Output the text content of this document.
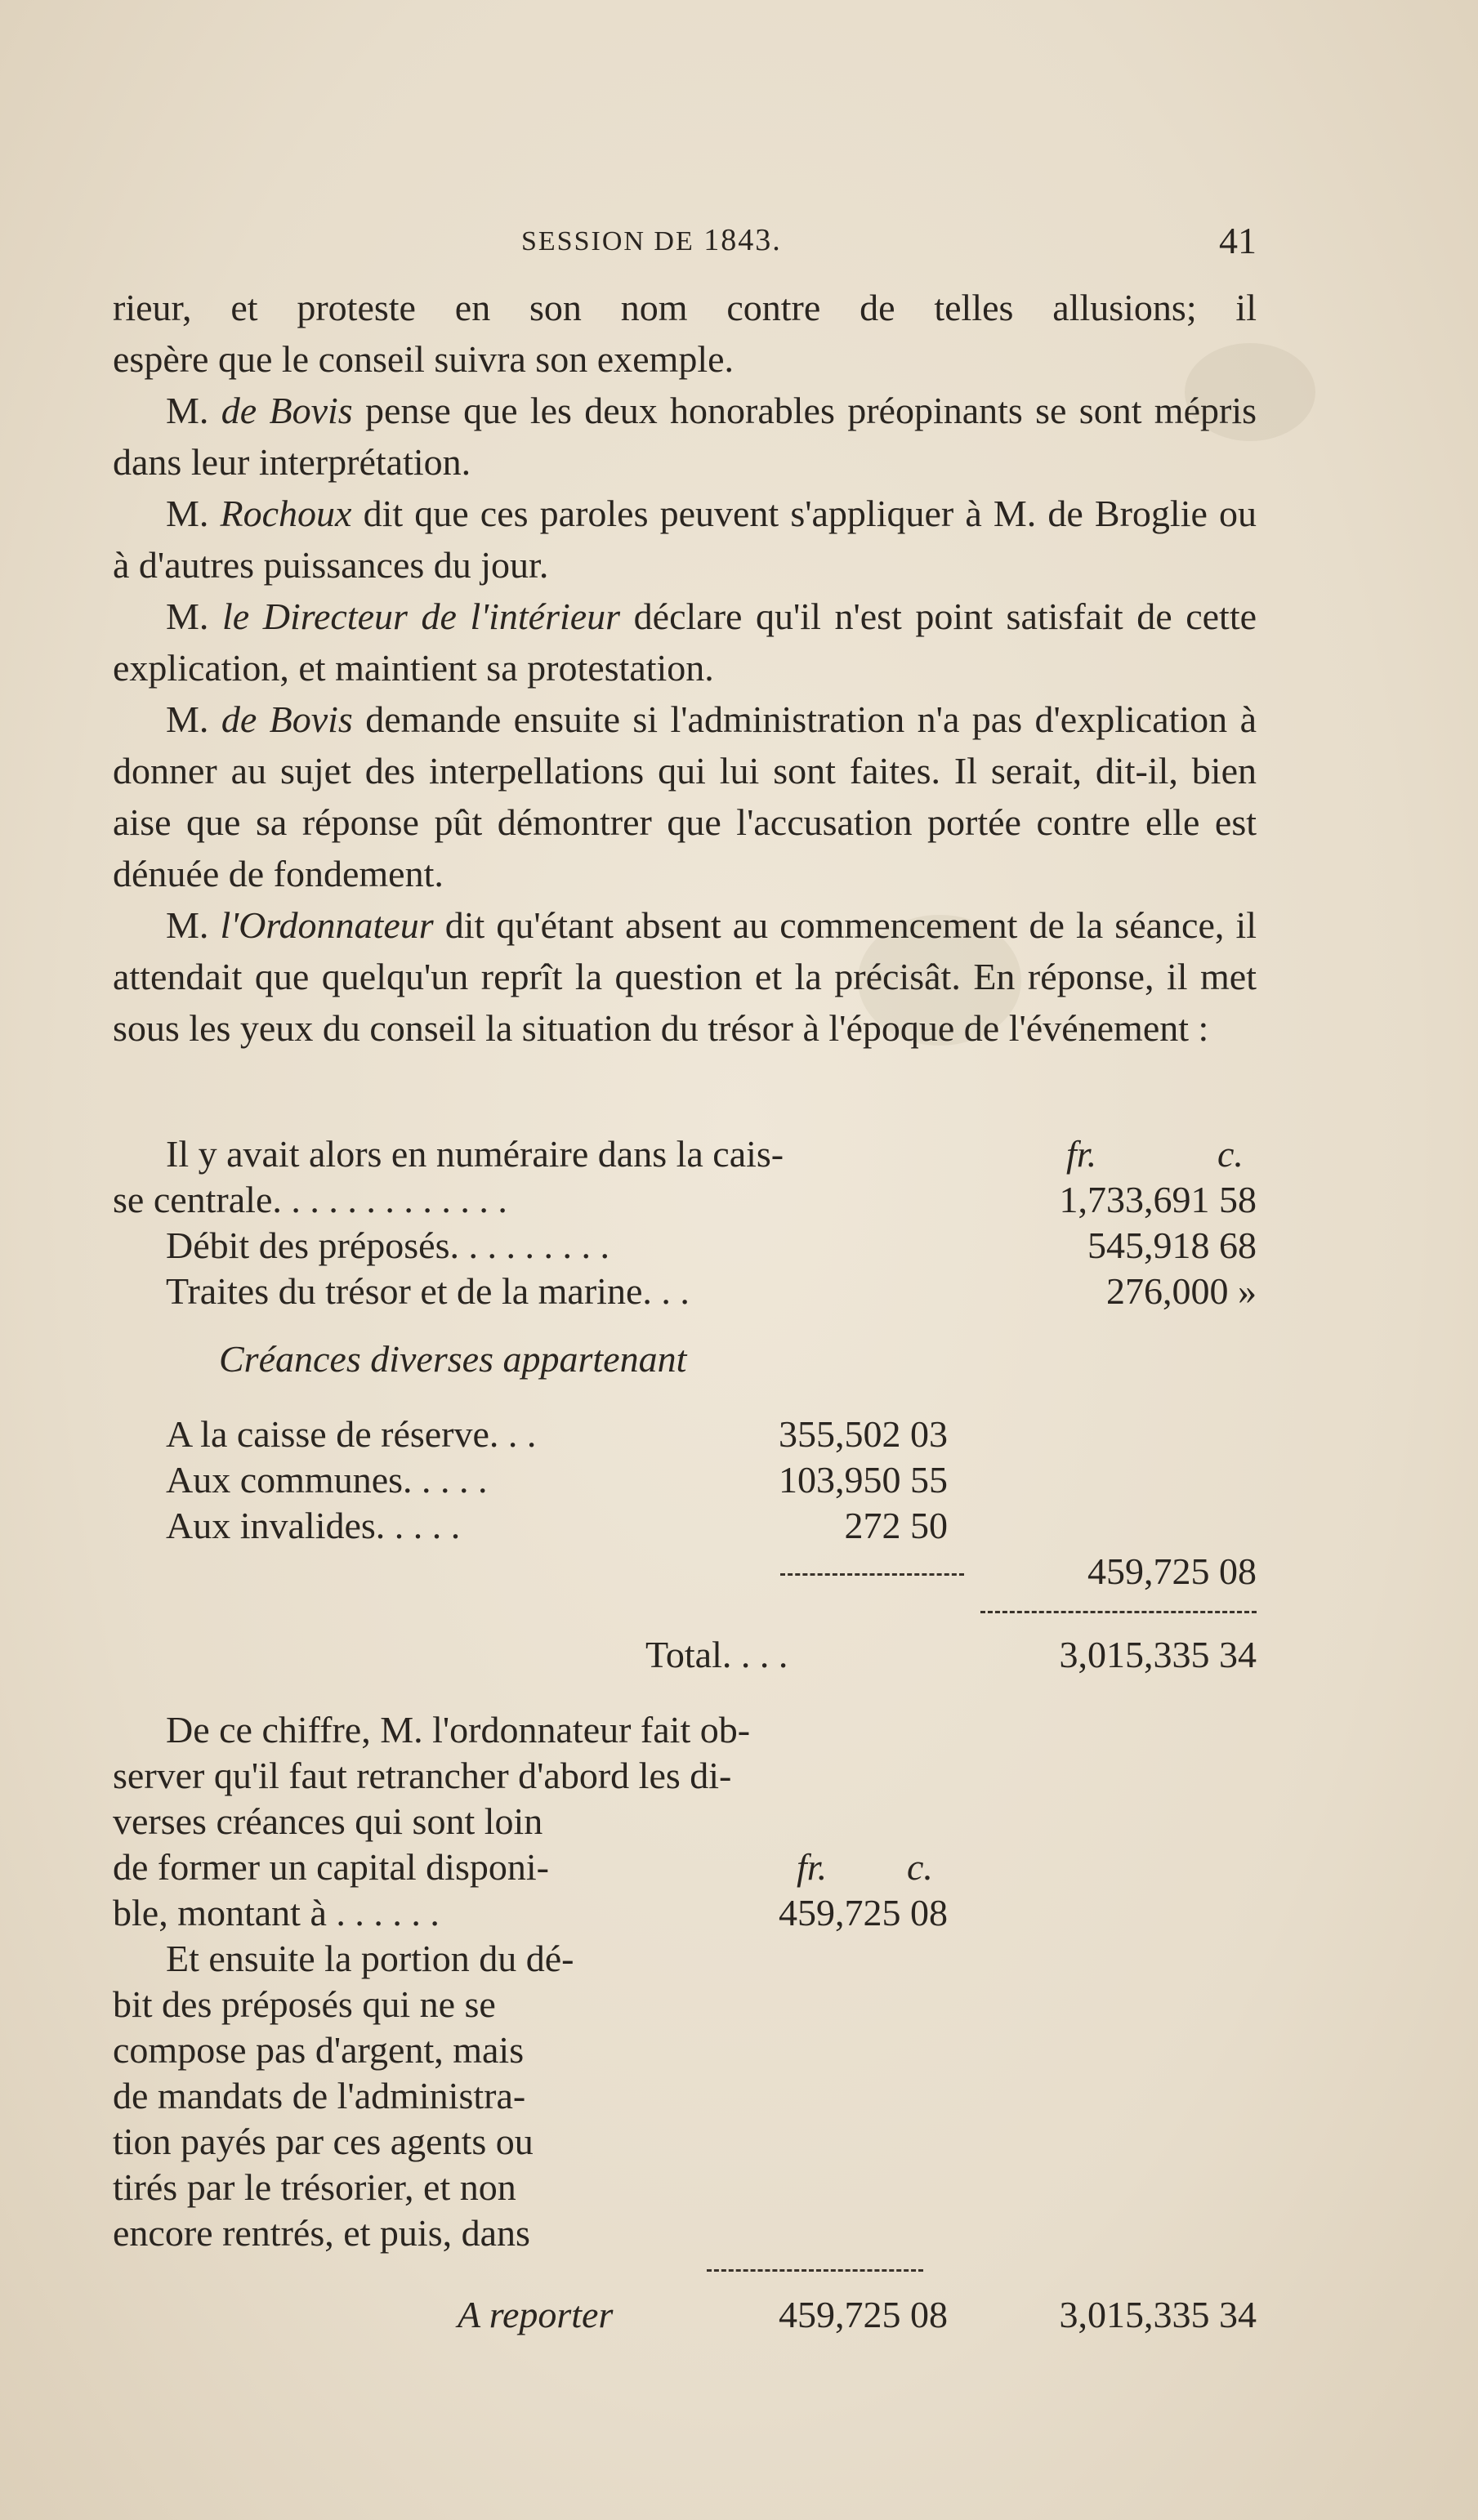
SESSION DE 1843.	41

rieur, et proteste en son nom contre de telles allusions; il

espère que le conseil suivra son exemple.

M. de Bovis pense que les deux honorables préopinants se sont mépris dans leur interprétation.

M. Rochoux dit que ces paroles peuvent s'appliquer à M. de Broglie ou à d'autres puissances du jour.

M. le Directeur de l'intérieur déclare qu'il n'est point satisfait de cette explication, et maintient sa protestation.

M. de Bovis demande ensuite si l'administration n'a pas d'explication à donner au sujet des interpellations qui lui sont faites. Il serait, dit-il, bien aise que sa réponse pût démontrer que l'accusation portée contre elle est dénuée de fondement.

M. l'Ordonnateur dit qu'étant absent au commencement de la séance, il attendait que quelqu'un reprît la question et la précisât. En réponse, il met sous les yeux du conseil la situation du trésor à l'époque de l'événement :

fr.	c.
Il y avait alors en numéraire dans la cais-
se centrale. . . . . . . . . . . . .	1,733,691 58
Débit des préposés. . . . . . . . .	545,918 68
Traites du trésor et de la marine. . .	276,000 »
Créances diverses appartenant
A la caisse de réserve. . .	355,502 03
Aux communes. . . . .	103,950 55
Aux invalides. . . . .	272 50
459,725 08
Total. . . .	3,015,335 34
De ce chiffre, M. l'ordonnateur fait ob-
server qu'il faut retrancher d'abord les di-
verses créances qui sont loin
de former un capital disponi-	fr. c.
ble, montant à . . . . . .	459,725 08
Et ensuite la portion du dé-
bit des préposés qui ne se
compose pas d'argent, mais
de mandats de l'administra-
tion payés par ces agents ou
tirés par le trésorier, et non
encore rentrés, et puis, dans
A reporter	459,725 08	3,015,335 34
